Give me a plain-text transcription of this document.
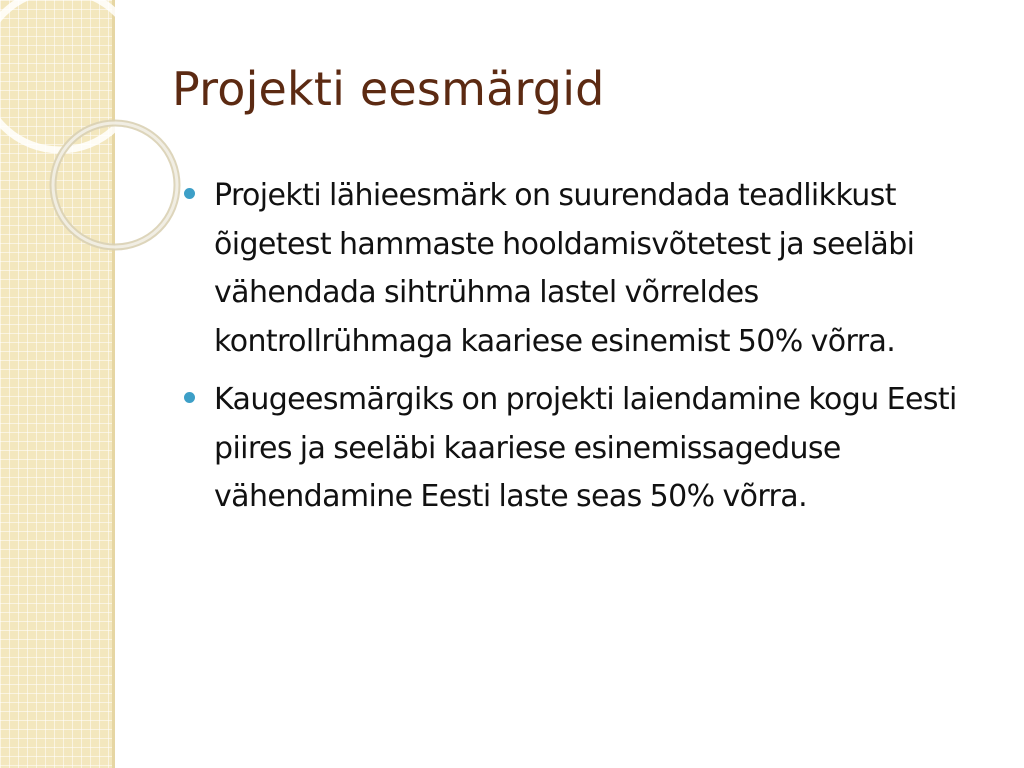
Projekti eesmärgid
Projekti lähieesmärk on suurendada teadlikkust õigetest hammaste hooldamisvõtetest ja seeläbi vähendada sihtrühma lastel võrreldes kontrollrühmaga kaariese esinemist 50% võrra.
Kaugeesmärgiks on projekti laiendamine kogu Eesti piires ja seeläbi kaariese esinemissageduse vähendamine Eesti laste seas 50% võrra.
